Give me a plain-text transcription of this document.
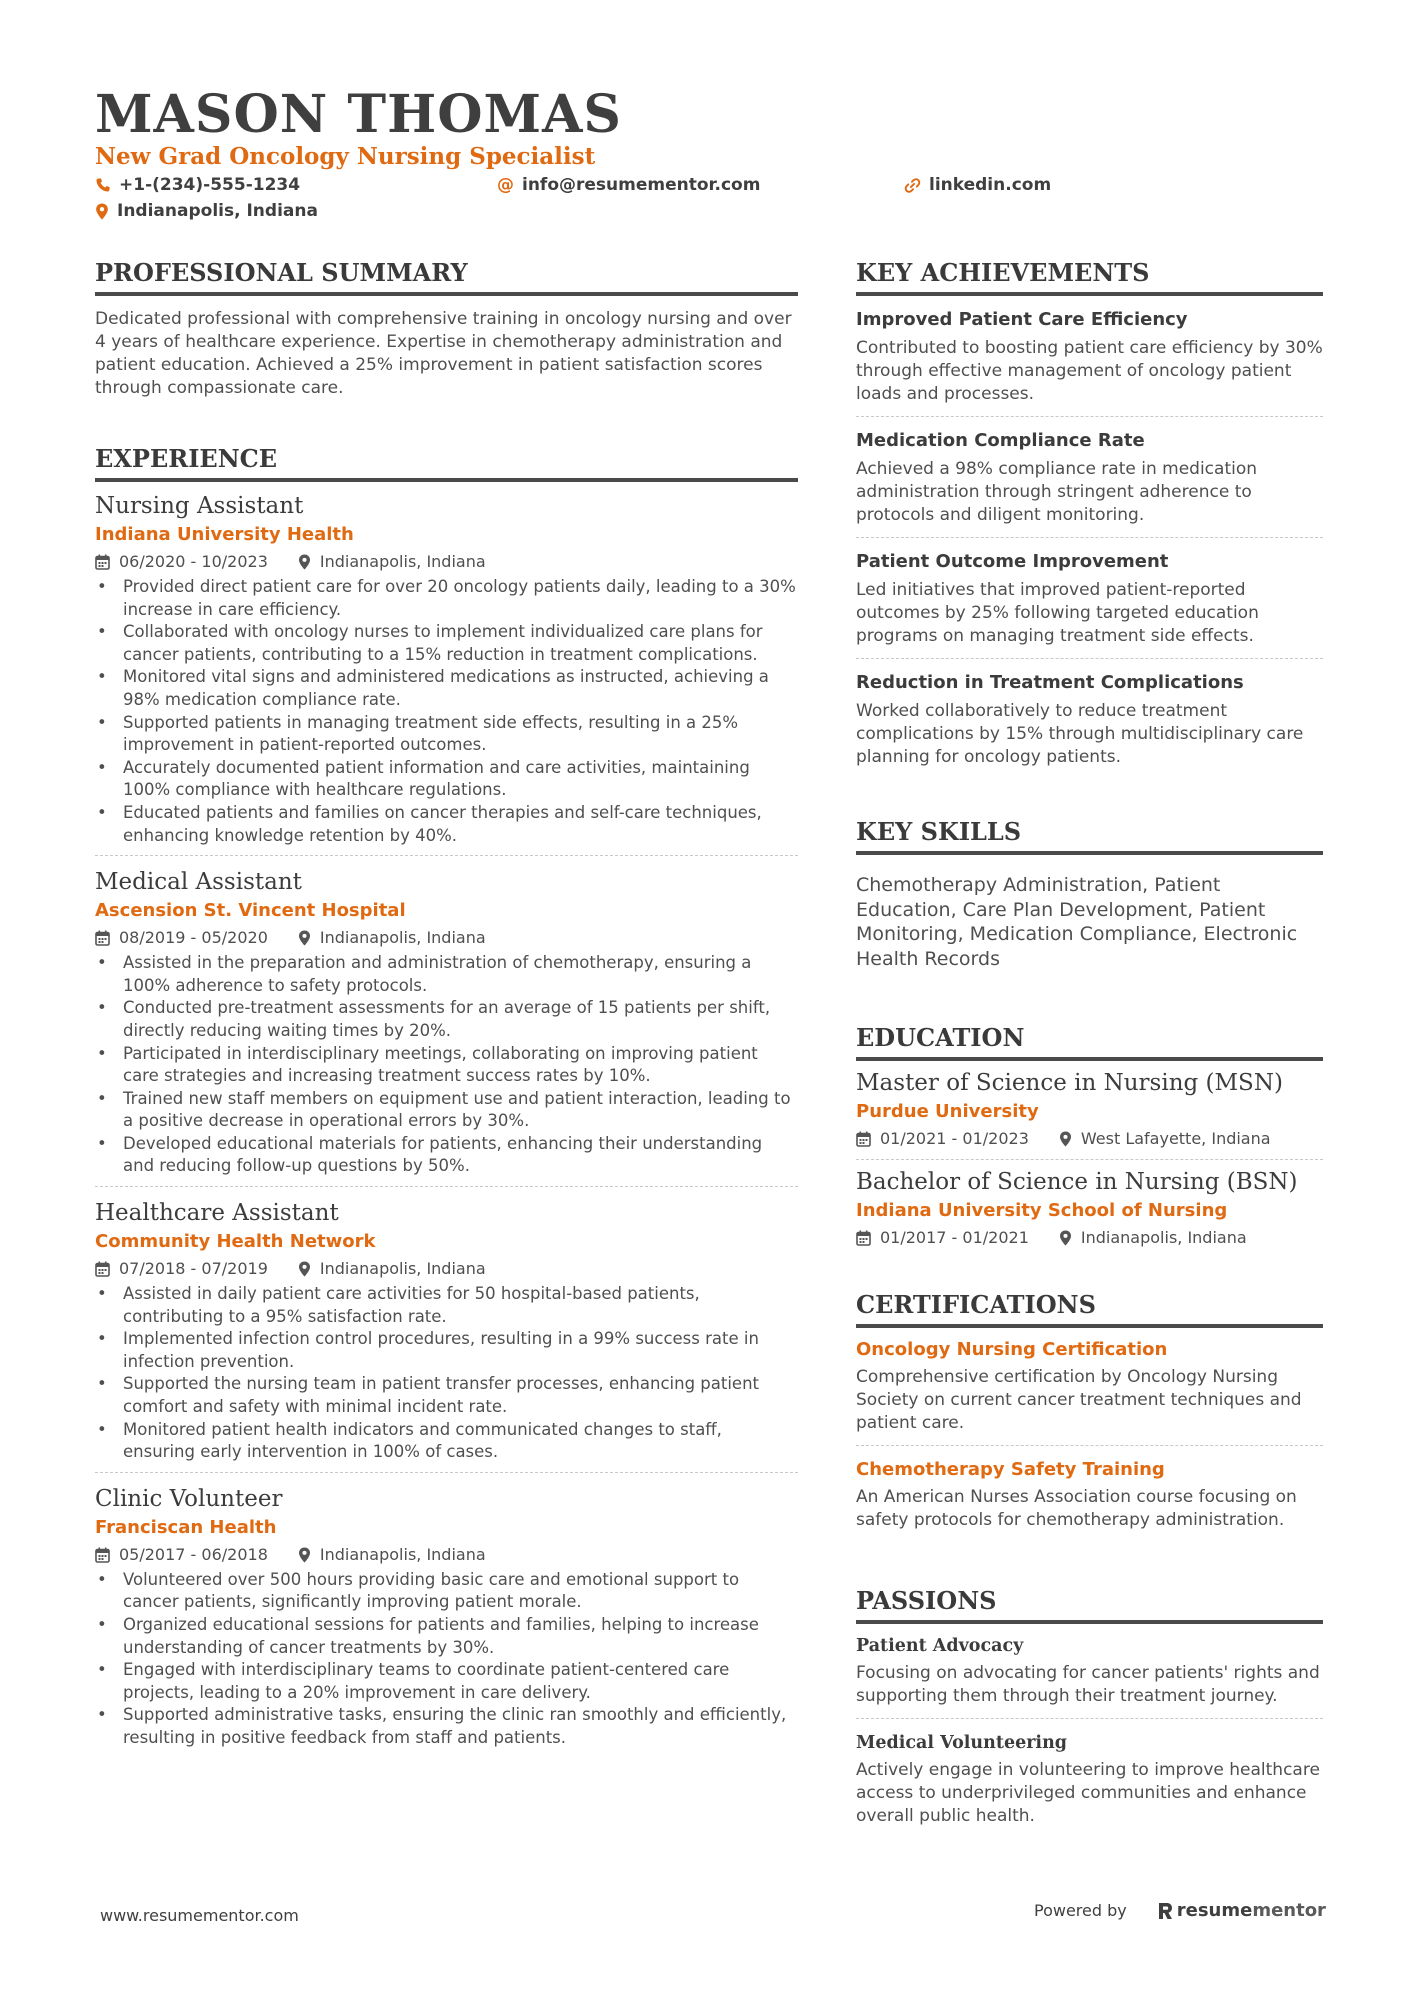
MASON THOMAS
New Grad Oncology Nursing Specialist
+1-(234)-555-1234	@ info@resumementor.com	linkedin.com
Indianapolis, Indiana
PROFESSIONAL SUMMARY

Dedicated professional with comprehensive training in oncology nursing and over 4 years of healthcare experience. Expertise in chemotherapy administration and patient education. Achieved a 25% improvement in patient satisfaction scores through compassionate care.

EXPERIENCE
Nursing Assistant
Indiana University Health
06/2020 - 10/2023	Indianapolis, Indiana
• Provided direct patient care for over 20 oncology patients daily, leading to a 30% increase in care efficiency.
• Collaborated with oncology nurses to implement individualized care plans for cancer patients, contributing to a 15% reduction in treatment complications.
• Monitored vital signs and administered medications as instructed, achieving a 98% medication compliance rate.
• Supported patients in managing treatment side effects, resulting in a 25% improvement in patient-reported outcomes.
• Accurately documented patient information and care activities, maintaining 100% compliance with healthcare regulations.
• Educated patients and families on cancer therapies and self-care techniques, enhancing knowledge retention by 40%.
Medical Assistant
Ascension St. Vincent Hospital
08/2019 - 05/2020	Indianapolis, Indiana
• Assisted in the preparation and administration of chemotherapy, ensuring a 100% adherence to safety protocols.
• Conducted pre-treatment assessments for an average of 15 patients per shift, directly reducing waiting times by 20%.
• Participated in interdisciplinary meetings, collaborating on improving patient care strategies and increasing treatment success rates by 10%.
• Trained new staff members on equipment use and patient interaction, leading to a positive decrease in operational errors by 30%.
• Developed educational materials for patients, enhancing their understanding and reducing follow-up questions by 50%.
Healthcare Assistant
Community Health Network
07/2018 - 07/2019	Indianapolis, Indiana
• Assisted in daily patient care activities for 50 hospital-based patients, contributing to a 95% satisfaction rate.
• Implemented infection control procedures, resulting in a 99% success rate in infection prevention.
• Supported the nursing team in patient transfer processes, enhancing patient comfort and safety with minimal incident rate.
• Monitored patient health indicators and communicated changes to staff, ensuring early intervention in 100% of cases.
Clinic Volunteer
Franciscan Health
05/2017 - 06/2018	Indianapolis, Indiana
• Volunteered over 500 hours providing basic care and emotional support to cancer patients, significantly improving patient morale.
• Organized educational sessions for patients and families, helping to increase understanding of cancer treatments by 30%.
• Engaged with interdisciplinary teams to coordinate patient-centered care projects, leading to a 20% improvement in care delivery.
• Supported administrative tasks, ensuring the clinic ran smoothly and efficiently, resulting in positive feedback from staff and patients.
KEY ACHIEVEMENTS
Improved Patient Care Efficiency

Contributed to boosting patient care efficiency by 30% through effective management of oncology patient loads and processes.

Medication Compliance Rate

Achieved a 98% compliance rate in medication administration through stringent adherence to protocols and diligent monitoring.

Patient Outcome Improvement

Led initiatives that improved patient-reported outcomes by 25% following targeted education programs on managing treatment side effects.

Reduction in Treatment Complications

Worked collaboratively to reduce treatment complications by 15% through multidisciplinary care planning for oncology patients.

KEY SKILLS

Chemotherapy Administration, Patient Education, Care Plan Development, Patient Monitoring, Medication Compliance, Electronic Health Records

EDUCATION
Master of Science in Nursing (MSN)
Purdue University
01/2021 - 01/2023	West Lafayette, Indiana
Bachelor of Science in Nursing (BSN)
Indiana University School of Nursing
01/2017 - 01/2021	Indianapolis, Indiana
CERTIFICATIONS
Oncology Nursing Certification

Comprehensive certification by Oncology Nursing Society on current cancer treatment techniques and patient care.

Chemotherapy Safety Training

An American Nurses Association course focusing on safety protocols for chemotherapy administration.

PASSIONS
Patient Advocacy

Focusing on advocating for cancer patients' rights and supporting them through their treatment journey.

Medical Volunteering

Actively engage in volunteering to improve healthcare access to underprivileged communities and enhance overall public health.

www.resumementor.com	Powered by	resume mentor
